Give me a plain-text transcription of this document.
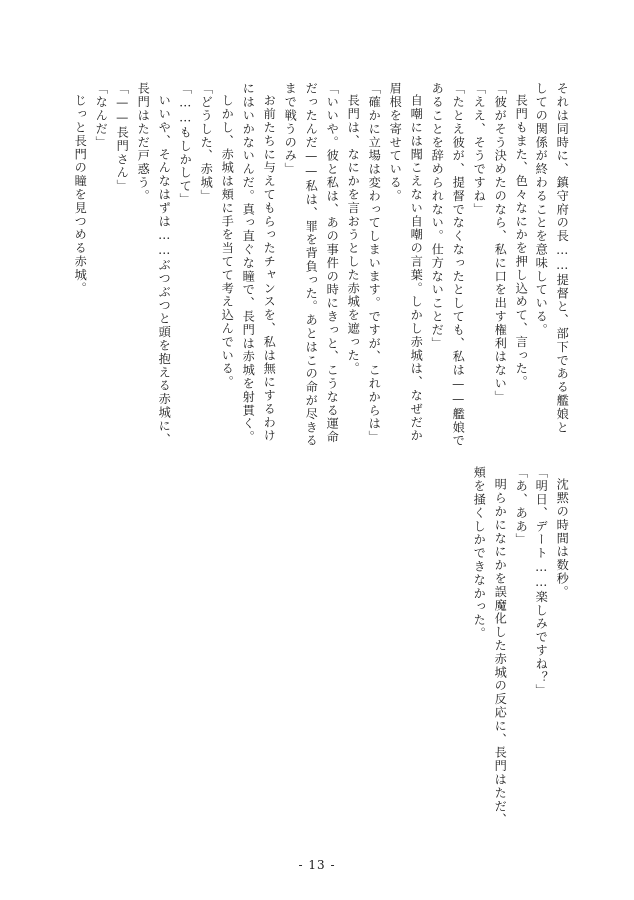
それは同時に、鎮守府の長……提督と、部下である艦娘と
しての関係が終わることを意味している。
長門もまた、色々なにかを押し込めて、言った。
「彼がそう決めたのなら、私に口を出す権利はない」
「ええ、そうですね」
「たとえ彼が、提督でなくなったとしても、私は——艦娘で
あることを辞められない。仕方ないことだ」
自嘲には聞こえない自嘲の言葉。しかし赤城は、なぜだか
眉根を寄せている。
「確かに立場は変わってしまいます。ですが、これからは」
長門は、なにかを言おうとした赤城を遮った。
「いいや。彼と私は、あの事件の時にきっと、こうなる運命
だったんだ——私は、罪を背負った。あとはこの命が尽きる
まで戦うのみ」
お前たちに与えてもらったチャンスを、私は無にするわけ
にはいかないんだ。真っ直ぐな瞳で、長門は赤城を射貫く。
しかし、赤城は頬に手を当てて考え込んでいる。
「どうした、赤城」
「……もしかして」
いいや、そんなはずは……ぶつぶつと頭を抱える赤城に、
長門はただ戸惑う。
「——長門さん」
「なんだ」
じっと長門の瞳を見つめる赤城。
沈黙の時間は数秒。
「明日、デート……楽しみですね？」
「あ、ああ」
明らかになにかを誤魔化した赤城の反応に、長門はただ、
頬を掻くしかできなかった。
- 13 -
